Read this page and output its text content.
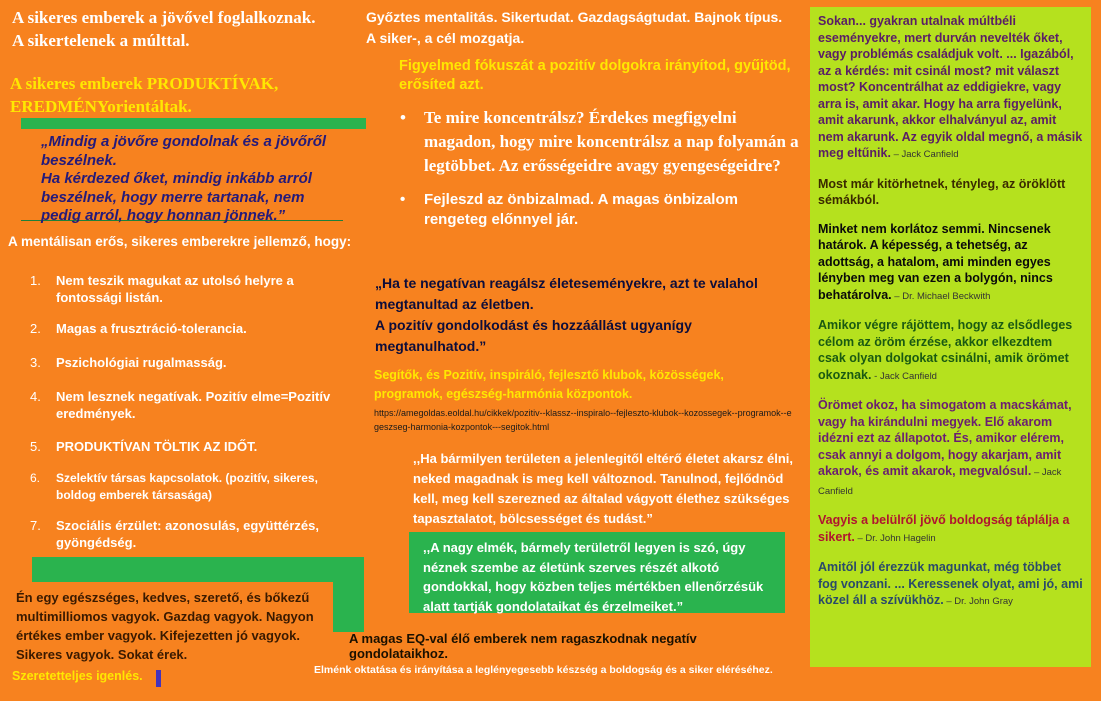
A sikeres emberek a jövővel foglalkoznak.
A sikertelenek a múlttal.
A sikeres emberek PRODUKTÍVAK,
EREDMÉNYorientáltak.
„Mindig a jövőre gondolnak és a jövőről beszélnek.
Ha kérdezed őket, mindig inkább arról beszélnek, hogy merre tartanak, nem pedig arról, hogy honnan jönnek.”
A mentálisan erős, sikeres emberekre jellemző, hogy:
1. Nem teszik magukat az utolsó helyre a fontossági listán.
2. Magas a frusztráció-tolerancia.
3. Pszichológiai rugalmasság.
4. Nem lesznek negatívak. Pozitív elme=Pozitív eredmények.
5. PRODUKTÍVAN TÖLTIK AZ IDŐT.
6. Szelektív társas kapcsolatok. (pozitív, sikeres, boldog emberek társasága)
7. Szociális érzület: azonosulás, együttérzés, gyöngédség.
Én egy egészséges, kedves, szerető, és bőkezű multimilliomos vagyok. Gazdag vagyok. Nagyon értékes ember vagyok. Kifejezetten jó vagyok. Sikeres vagyok. Sokat érek.
Szeretetteljes igenlés.
Győztes mentalitás. Sikertudat. Gazdagságtudat. Bajnok típus.
A siker-, a cél mozgatja.
Figyelmed fókuszát a pozitív dolgokra irányítod, gyűjtöd, erősíted azt.
• Te mire koncentrálsz? Érdekes megfigyelni magadon, hogy mire koncentrálsz a nap folyamán a legtöbbet. Az erősségeidre avagy gyengeségeidre?
• Fejleszd az önbizalmad. A magas önbizalom rengeteg előnnyel jár.
„Ha te negatívan reagálsz életeseményekre, azt te valahol megtanultad az életben.
A pozitív gondolkodást és hozzáállást ugyanígy megtanulhatod.”
Segítők, és Pozitív, inspiráló, fejlesztő klubok, közösségek, programok, egészség-harmónia központok.
https://amegoldas.eoldal.hu/cikkek/pozitiv--klassz--inspiralo--fejleszto-klubok--kozossegek--programok--egeszseg-harmonia-kozpontok---segitok.html
,,Ha bármilyen területen a jelenlegitől eltérő életet akarsz élni, neked magadnak is meg kell változnod. Tanulnod, fejlődnöd kell, meg kell szerezned az általad vágyott élethez szükséges tapasztalatot, bölcsességet és tudást.”
,,A nagy elmék, bármely területről legyen is szó, úgy néznek szembe az életünk szerves részét alkotó gondokkal, hogy közben teljes mértékben ellenőrzésük alatt tartják gondolataikat és érzelmeiket.”
A magas EQ-val élő emberek nem ragaszkodnak negatív gondolataikhoz.
Elménk oktatása és irányítása a leglényegesebb készség a boldogság és a siker eléréséhez.

Sokan... gyakran utalnak múltbéli eseményekre, mert durván nevelték őket, vagy problémás családjuk volt. ... Igazából, az a kérdés: mit csinál most? mit választ most? Koncentrálhat az eddigiekre, vagy arra is, amit akar. Hogy ha arra figyelünk, amit akarunk, akkor elhalványul az, amit nem akarunk. Az egyik oldal megnő, a másik meg eltűnik. – Jack Canfield

Most már kitörhetnek, tényleg, az öröklött sémákból.

Minket nem korlátoz semmi. Nincsenek határok. A képesség, a tehetség, az adottság, a hatalom, ami minden egyes lényben meg van ezen a bolygón, nincs behatárolva. – Dr. Michael Beckwith

Amikor végre rájöttem, hogy az elsődleges célom az öröm érzése, akkor elkezdtem csak olyan dolgokat csinálni, amik örömet okoznak. - Jack Canfield

Örömet okoz, ha simogatom a macskámat, vagy ha kirándulni megyek. Elő akarom idézni ezt az állapotot. És, amikor elérem, csak annyi a dolgom, hogy akarjam, amit akarok, és amit akarok, megvalósul. – Jack Canfield

Vagyis a belülről jövő boldogság táplálja a sikert. – Dr. John Hagelin

Amitől jól érezzük magunkat, még többet fog vonzani. ... Keressenek olyat, ami jó, ami közel áll a szívükhöz. – Dr. John Gray
